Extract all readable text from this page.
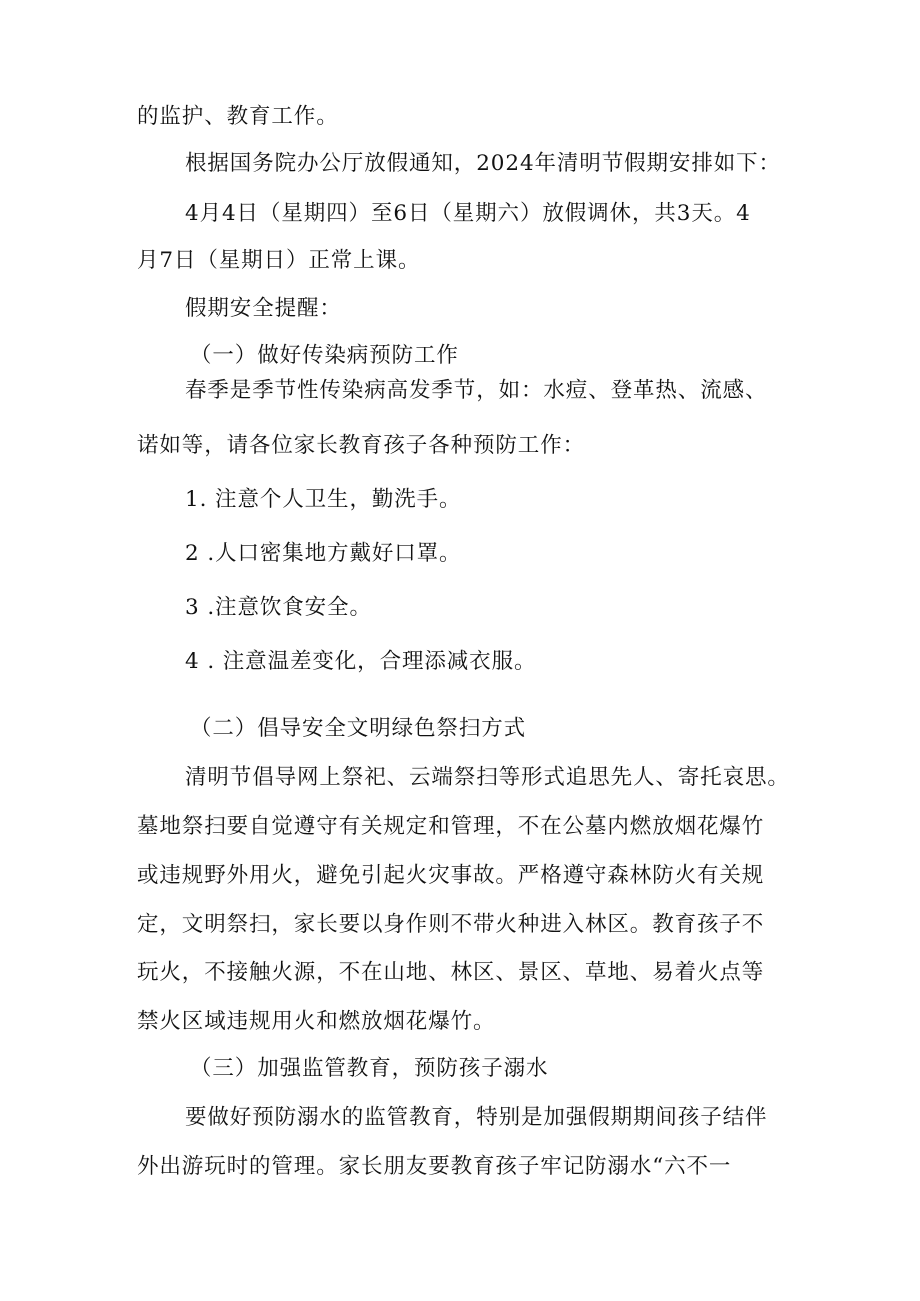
的监护、教育工作。
根据国务院办公厅放假通知，2024年清明节假期安排如下：
4月4日（星期四）至6日（星期六）放假调休，共3天。4
月7日（星期日）正常上课。
假期安全提醒：
（一）做好传染病预防工作
春季是季节性传染病高发季节，如：水痘、登革热、流感、
诺如等，请各位家长教育孩子各种预防工作：
1. 注意个人卫生，勤洗手。
2 .人口密集地方戴好口罩。
3 .注意饮食安全。
4 . 注意温差变化，合理添减衣服。
（二）倡导安全文明绿色祭扫方式
清明节倡导网上祭祀、云端祭扫等形式追思先人、寄托哀思。
墓地祭扫要自觉遵守有关规定和管理，不在公墓内燃放烟花爆竹
或违规野外用火，避免引起火灾事故。严格遵守森林防火有关规
定，文明祭扫，家长要以身作则不带火种进入林区。教育孩子不
玩火，不接触火源，不在山地、林区、景区、草地、易着火点等
禁火区域违规用火和燃放烟花爆竹。
（三）加强监管教育，预防孩子溺水
要做好预防溺水的监管教育，特别是加强假期期间孩子结伴
外出游玩时的管理。家长朋友要教育孩子牢记防溺水“六不一
